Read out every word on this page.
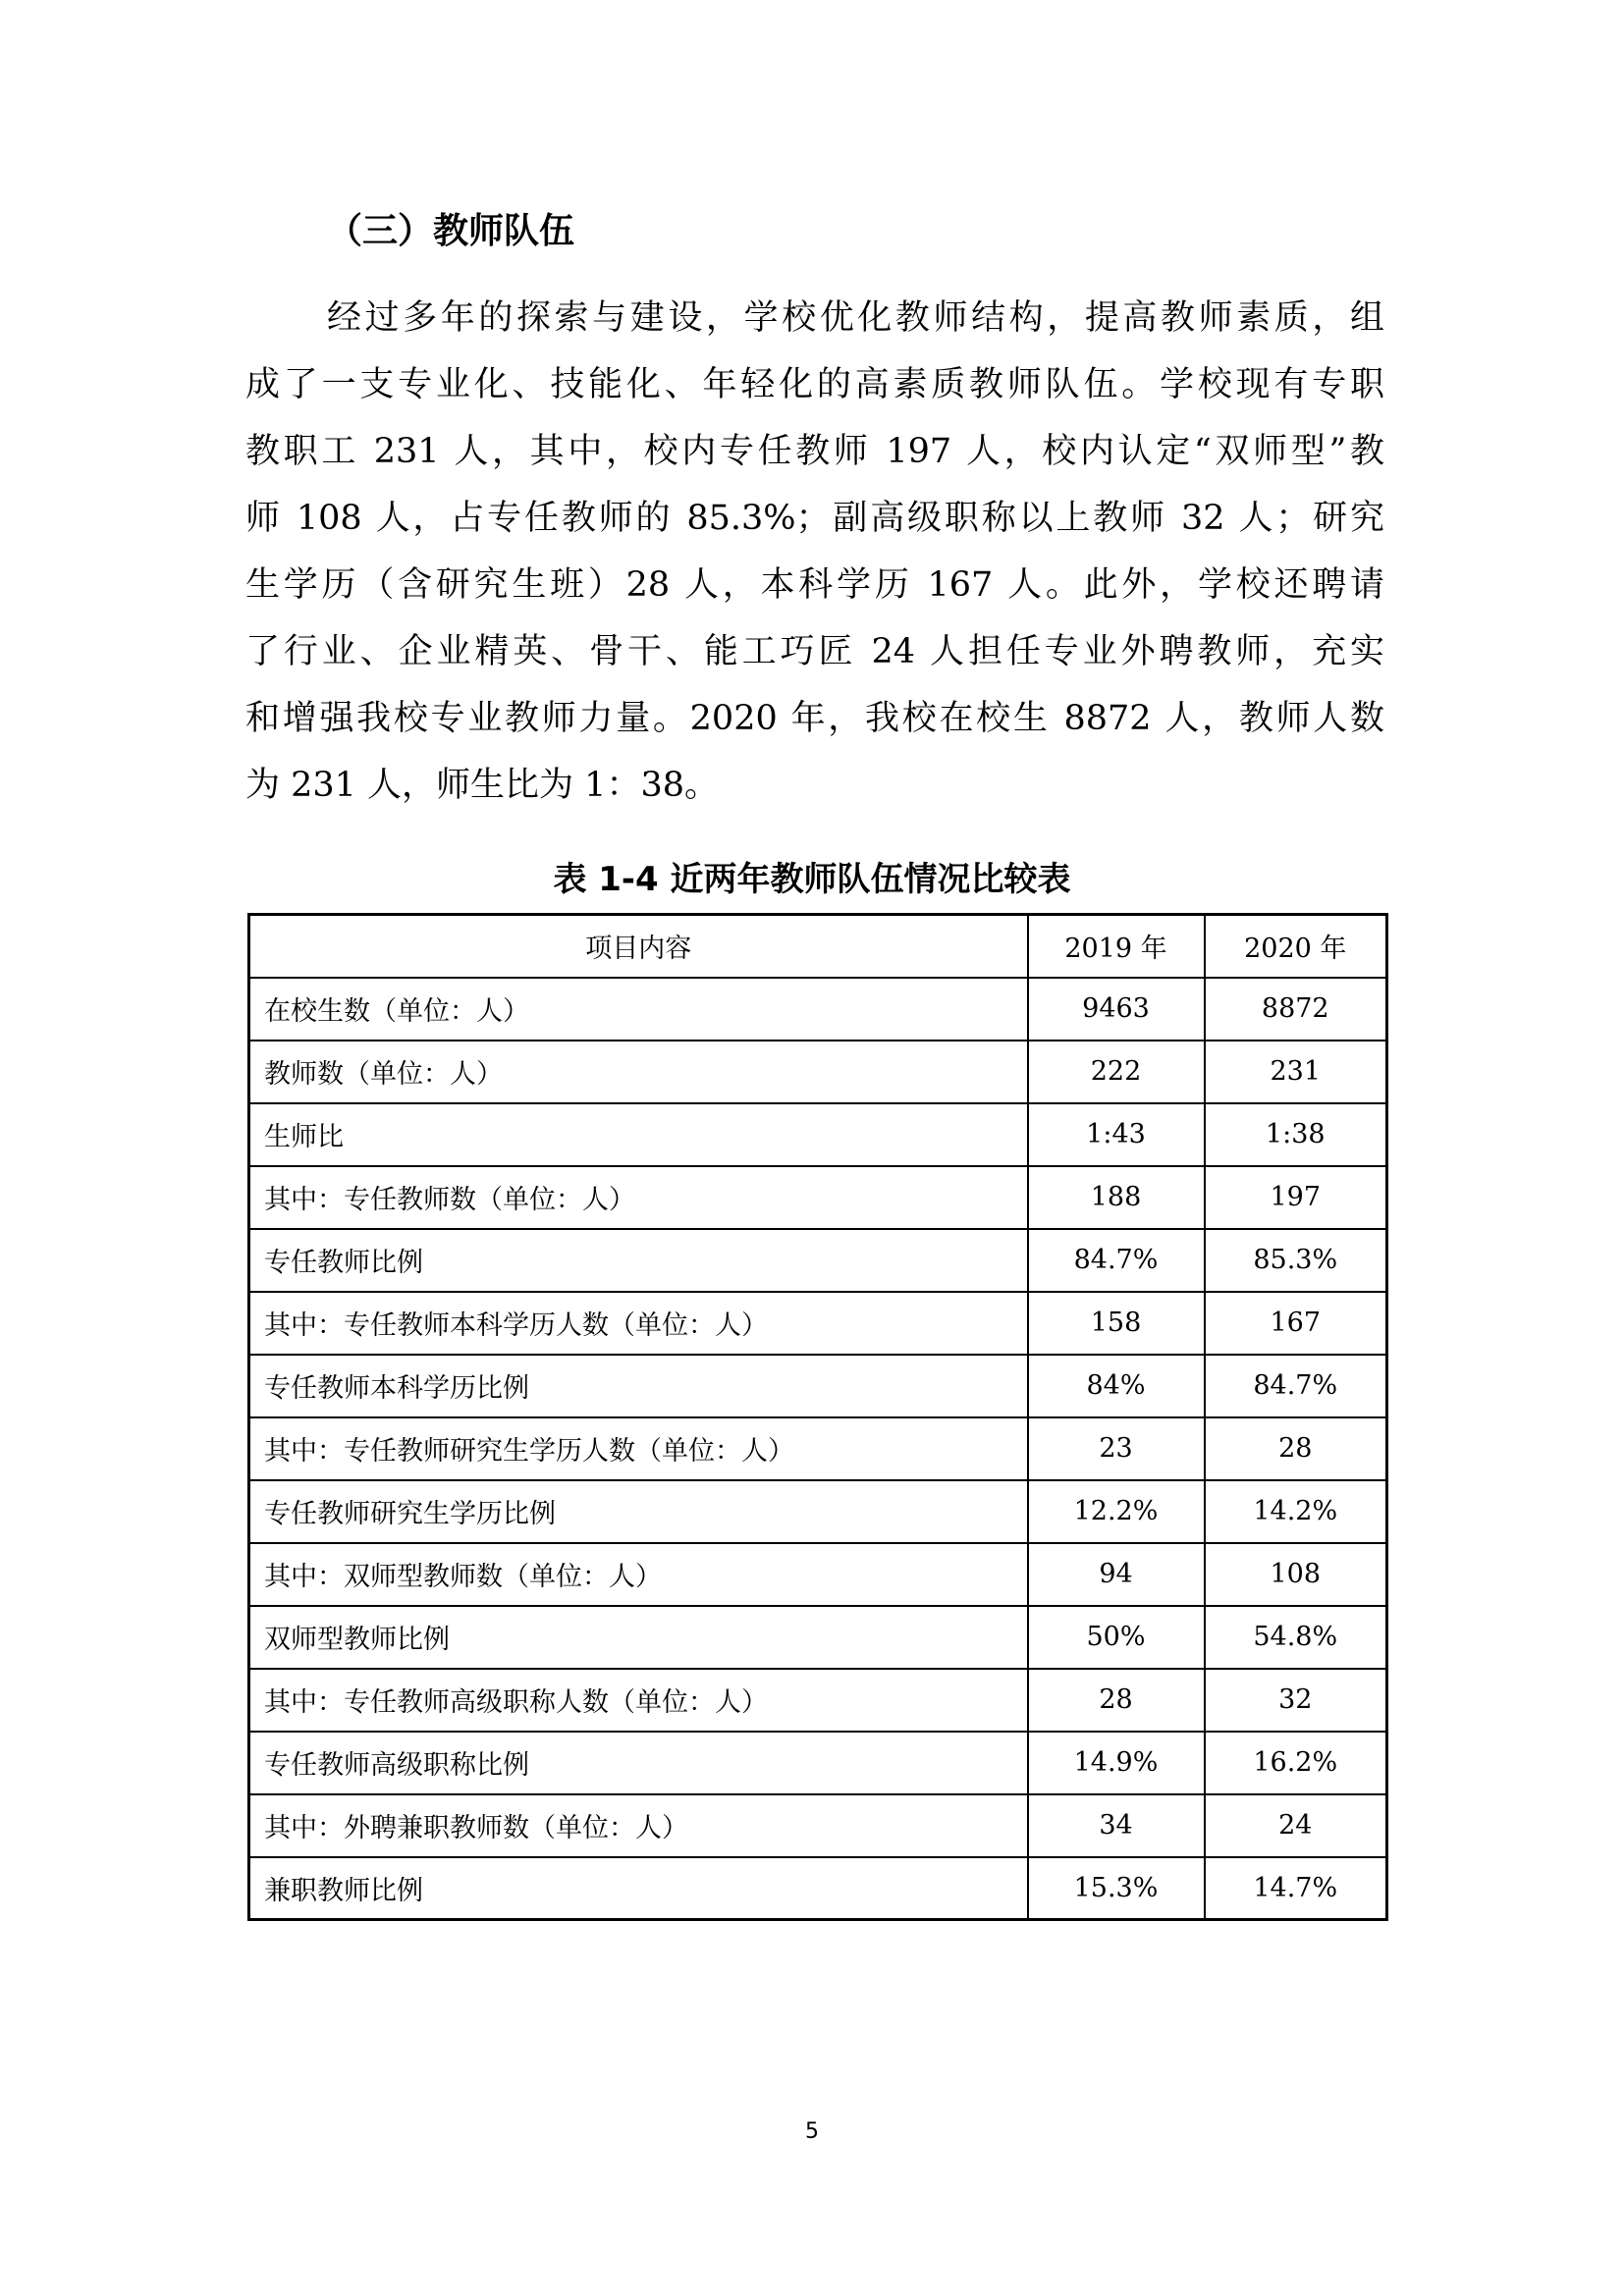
（三）教师队伍
经过多年的探索与建设，学校优化教师结构，提高教师素质，组
成了一支专业化、技能化、年轻化的高素质教师队伍。学校现有专职
教职工 231 人，其中，校内专任教师 197 人，校内认定“双师型”教
师 108 人，占专任教师的 85.3%；副高级职称以上教师 32 人；研究
生学历（含研究生班）28 人，本科学历 167 人。此外，学校还聘请
了行业、企业精英、骨干、能工巧匠 24 人担任专业外聘教师，充实
和增强我校专业教师力量。2020 年，我校在校生 8872 人，教师人数
为 231 人，师生比为 1：38。
表 1-4 近两年教师队伍情况比较表
项目内容	2019 年	2020 年
在校生数（单位：人）	9463	8872
教师数（单位：人）	222	231
生师比	1:43	1:38
其中：专任教师数（单位：人）	188	197
专任教师比例	84.7%	85.3%
其中：专任教师本科学历人数（单位：人）	158	167
专任教师本科学历比例	84%	84.7%
其中：专任教师研究生学历人数（单位：人）	23	28
专任教师研究生学历比例	12.2%	14.2%
其中：双师型教师数（单位：人）	94	108
双师型教师比例	50%	54.8%
其中：专任教师高级职称人数（单位：人）	28	32
专任教师高级职称比例	14.9%	16.2%
其中：外聘兼职教师数（单位：人）	34	24
兼职教师比例	15.3%	14.7%
5
